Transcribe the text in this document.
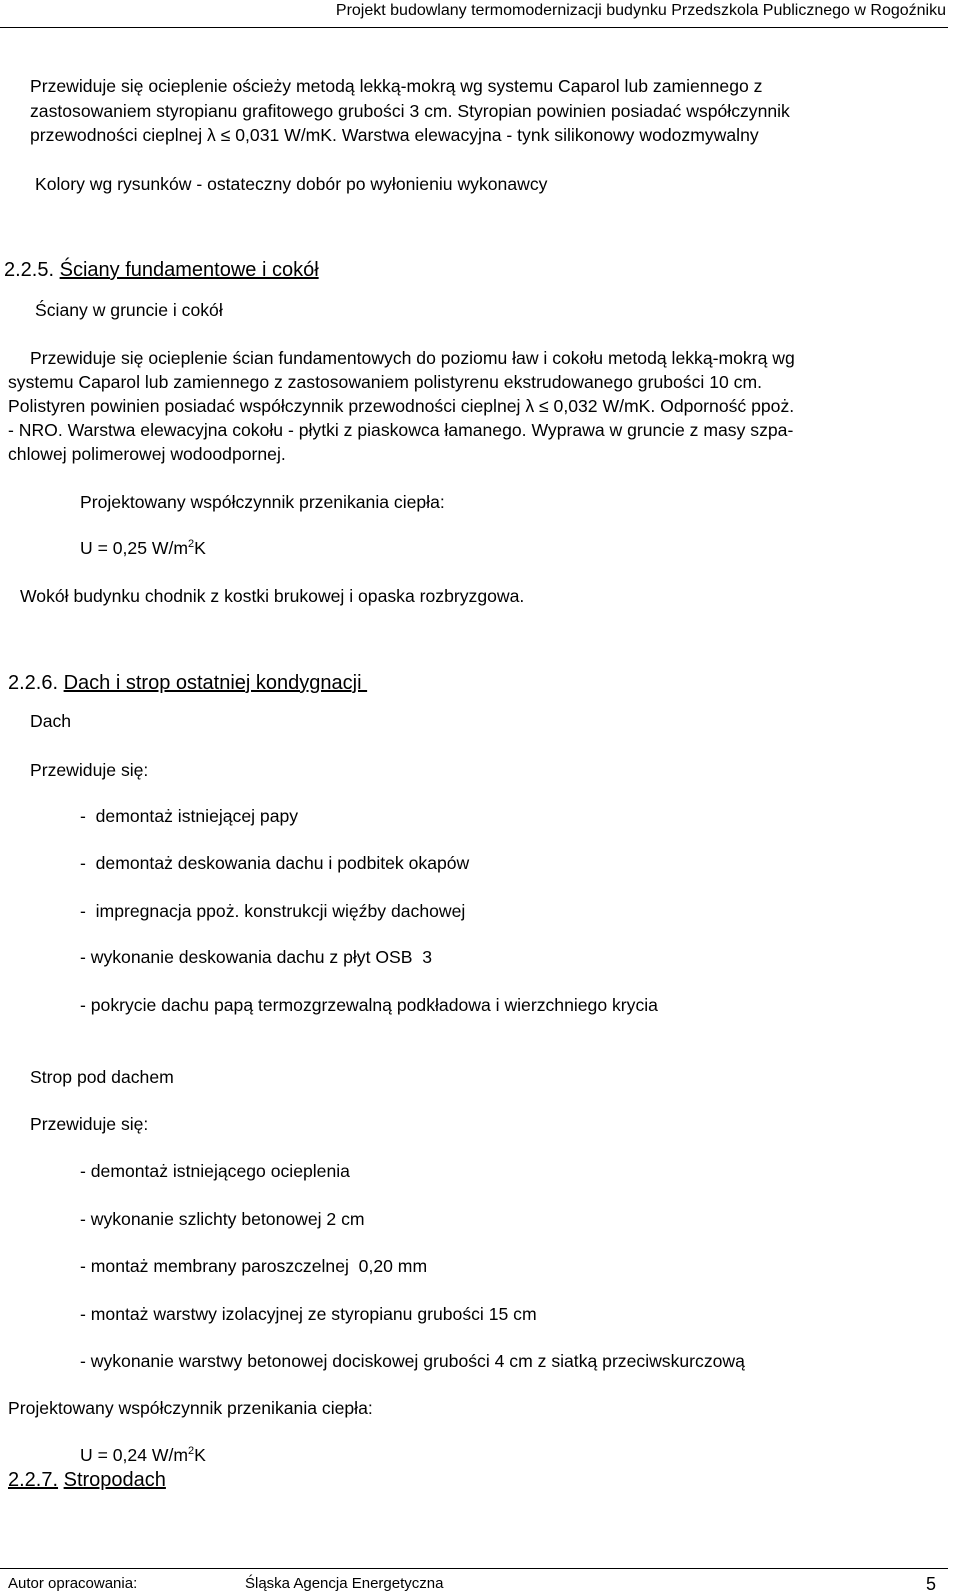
Projekt budowlany termomodernizacji budynku Przedszkola Publicznego w Rogoźniku
Przewiduje się ocieplenie ościeży metodą lekką-mokrą wg systemu Caparol lub zamiennego z
zastosowaniem styropianu grafitowego grubości 3 cm. Styropian powinien posiadać współczynnik
przewodności cieplnej λ ≤ 0,031 W/mK. Warstwa elewacyjna - tynk silikonowy wodozmywalny
Kolory wg rysunków - ostateczny dobór po wyłonieniu wykonawcy
2.2.5. Ściany fundamentowe i cokół
Ściany w gruncie i cokół
Przewiduje się ocieplenie ścian fundamentowych do poziomu ław i cokołu metodą lekką-mokrą wg
systemu Caparol lub zamiennego z zastosowaniem polistyrenu ekstrudowanego grubości 10 cm.
Polistyren powinien posiadać współczynnik przewodności cieplnej λ ≤ 0,032 W/mK. Odporność ppoż.
- NRO. Warstwa elewacyjna cokołu - płytki z piaskowca łamanego. Wyprawa w gruncie z masy szpa-
chlowej polimerowej wodoodpornej.
Projektowany współczynnik przenikania ciepła:
U = 0,25 $W/m^2K$
Wokół budynku chodnik z kostki brukowej i opaska rozbryzgowa.
2.2.6. Dach i strop ostatniej kondygnacji
Dach
Przewiduje się:
-  demontaż istniejącej papy
-  demontaż deskowania dachu i podbitek okapów
-  impregnacja ppoż. konstrukcji więźby dachowej
- wykonanie deskowania dachu z płyt OSB  3
- pokrycie dachu papą termozgrzewalną podkładowa i wierzchniego krycia
Strop pod dachem
Przewiduje się:
- demontaż istniejącego ocieplenia
- wykonanie szlichty betonowej 2 cm
- montaż membrany paroszczelnej  0,20 mm
- montaż warstwy izolacyjnej ze styropianu grubości 15 cm
- wykonanie warstwy betonowej dociskowej grubości 4 cm z siatką przeciwskurczową
Projektowany współczynnik przenikania ciepła:
U = 0,24 $W/m^2K$
2.2.7. Stropodach
Autor opracowania:	Śląska Agencja Energetyczna	5
